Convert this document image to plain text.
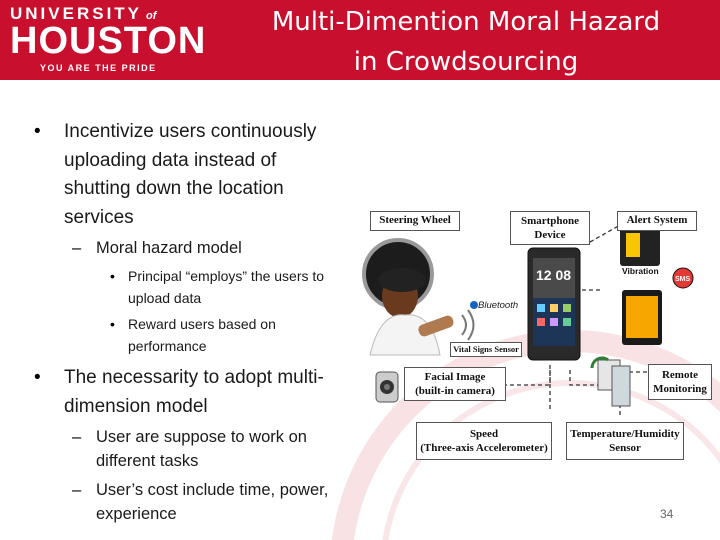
UNIVERSITY of
HOUSTON
YOU ARE THE PRIDE
Multi-Dimention Moral Hazard
in Crowdsourcing
• Incentivize users continuously
uploading data instead of
shutting down the location
services
– Moral hazard model
• Principal “employs” the users to
upload data
• Reward users based on
performance
• The necessarity to adopt multi-
dimension model
– User are suppose to work on
different tasks
– User’s cost include time, power,
experience
Bluetooth
12 08	Vibration
SMS
Steering Wheel	Smartphone
Device
Alert System
Vital Signs Sensor
Facial Image
(built-in camera)
Remote
Monitoring
Speed
(Three-axis Accelerometer)
Temperature/Humidity
Sensor
34
